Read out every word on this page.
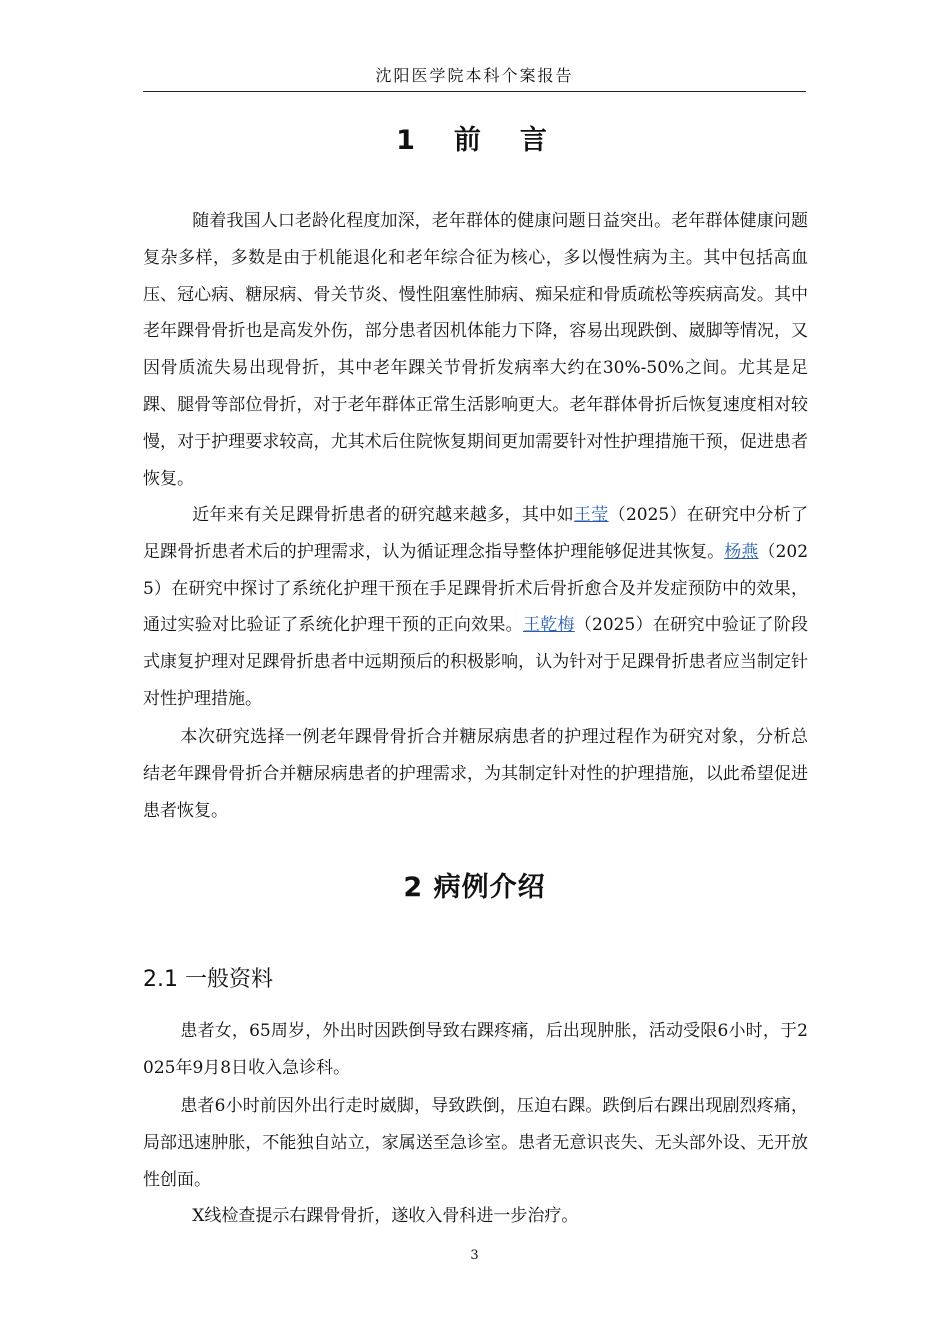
沈阳医学院本科个案报告
1　前　言
随着我国人口老龄化程度加深，老年群体的健康问题日益突出。老年群体健康问题复杂多样，多数是由于机能退化和老年综合征为核心，多以慢性病为主。其中包括高血压、冠心病、糖尿病、骨关节炎、慢性阻塞性肺病、痴呆症和骨质疏松等疾病高发。其中老年踝骨骨折也是高发外伤，部分患者因机体能力下降，容易出现跌倒、崴脚等情况，又因骨质流失易出现骨折，其中老年踝关节骨折发病率大约在30%-50%之间。尤其是足踝、腿骨等部位骨折，对于老年群体正常生活影响更大。老年群体骨折后恢复速度相对较慢，对于护理要求较高，尤其术后住院恢复期间更加需要针对性护理措施干预，促进患者恢复。
近年来有关足踝骨折患者的研究越来越多，其中如王莹（2025）在研究中分析了足踝骨折患者术后的护理需求，认为循证理念指导整体护理能够促进其恢复。杨燕（2025）在研究中探讨了系统化护理干预在手足踝骨折术后骨折愈合及并发症预防中的效果，通过实验对比验证了系统化护理干预的正向效果。王乾梅（2025）在研究中验证了阶段式康复护理对足踝骨折患者中远期预后的积极影响，认为针对于足踝骨折患者应当制定针对性护理措施。
本次研究选择一例老年踝骨骨折合并糖尿病患者的护理过程作为研究对象，分析总结老年踝骨骨折合并糖尿病患者的护理需求，为其制定针对性的护理措施，以此希望促进患者恢复。
2 病例介绍
2.1 一般资料
患者女，65周岁，外出时因跌倒导致右踝疼痛，后出现肿胀，活动受限6小时，于2025年9月8日收入急诊科。
患者6小时前因外出行走时崴脚，导致跌倒，压迫右踝。跌倒后右踝出现剧烈疼痛，局部迅速肿胀，不能独自站立，家属送至急诊室。患者无意识丧失、无头部外设、无开放性创面。
X线检查提示右踝骨骨折，遂收入骨科进一步治疗。
3
